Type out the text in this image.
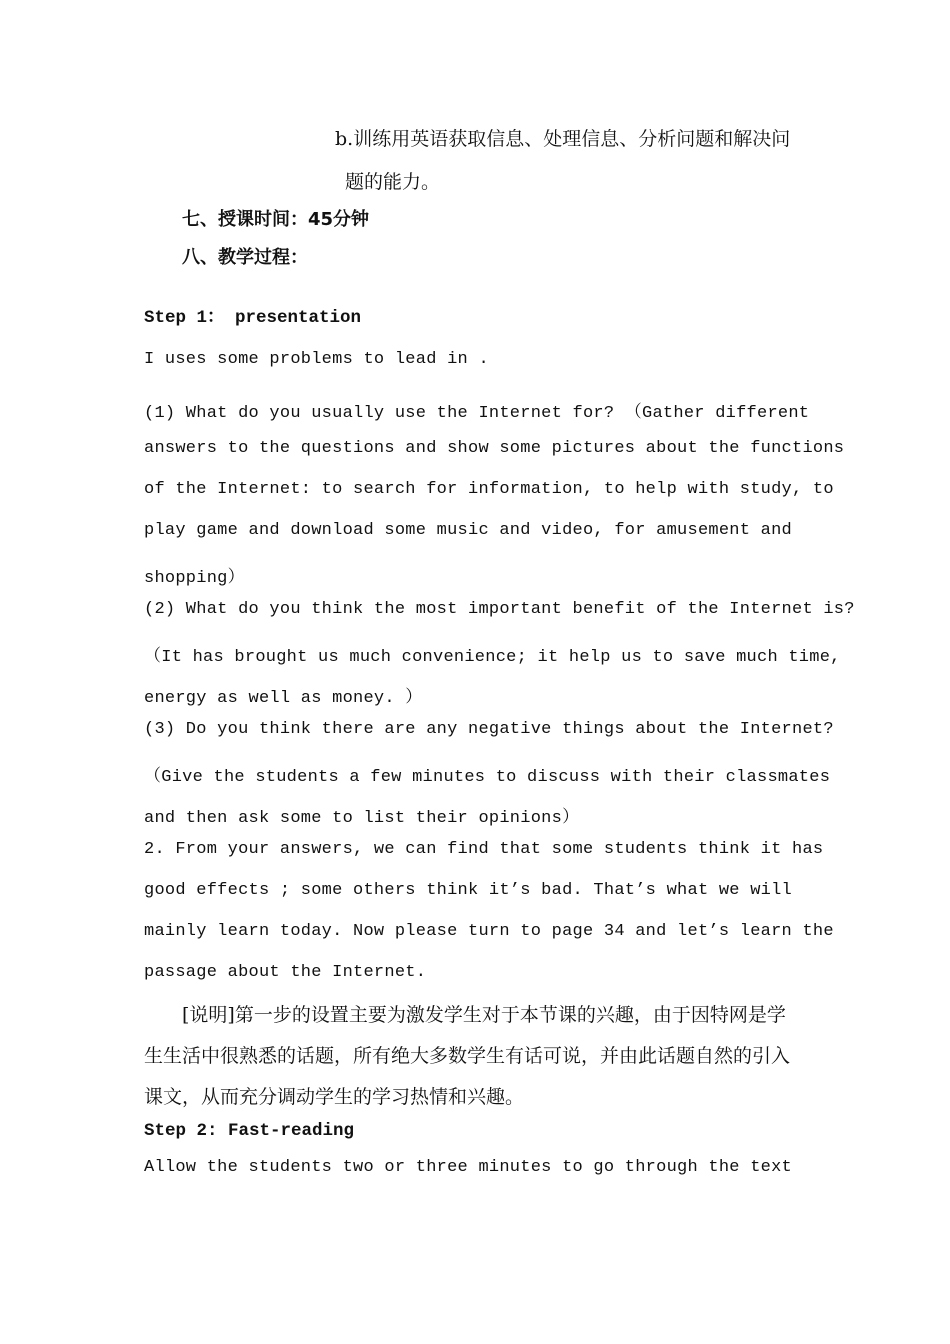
b.训练用英语获取信息、处理信息、分析问题和解决问
题的能力。
七、授课时间：45分钟
八、教学过程：
Step 1： presentation
I uses some problems to lead in .
(1) What do you usually use the Internet for? （Gather different
answers to the questions and show some pictures about the functions
of the Internet: to search for information, to help with study, to
play game and download some music and video, for amusement and
shopping）
(2) What do you think the most important benefit of the Internet is?
（It has brought us much convenience; it help us to save much time,
energy as well as money. ）
(3) Do you think there are any negative things about the Internet?
（Give the students a few minutes to discuss with their classmates
and then ask some to list their opinions）
2. From your answers, we can find that some students think it has
good effects ; some others think it’s bad. That’s what we will
mainly learn today. Now please turn to page 34 and let’s learn the
passage about the Internet.
[说明]第一步的设置主要为激发学生对于本节课的兴趣，由于因特网是学
生生活中很熟悉的话题，所有绝大多数学生有话可说，并由此话题自然的引入
课文，从而充分调动学生的学习热情和兴趣。
Step 2: Fast-reading
Allow the students two or three minutes to go through the text
